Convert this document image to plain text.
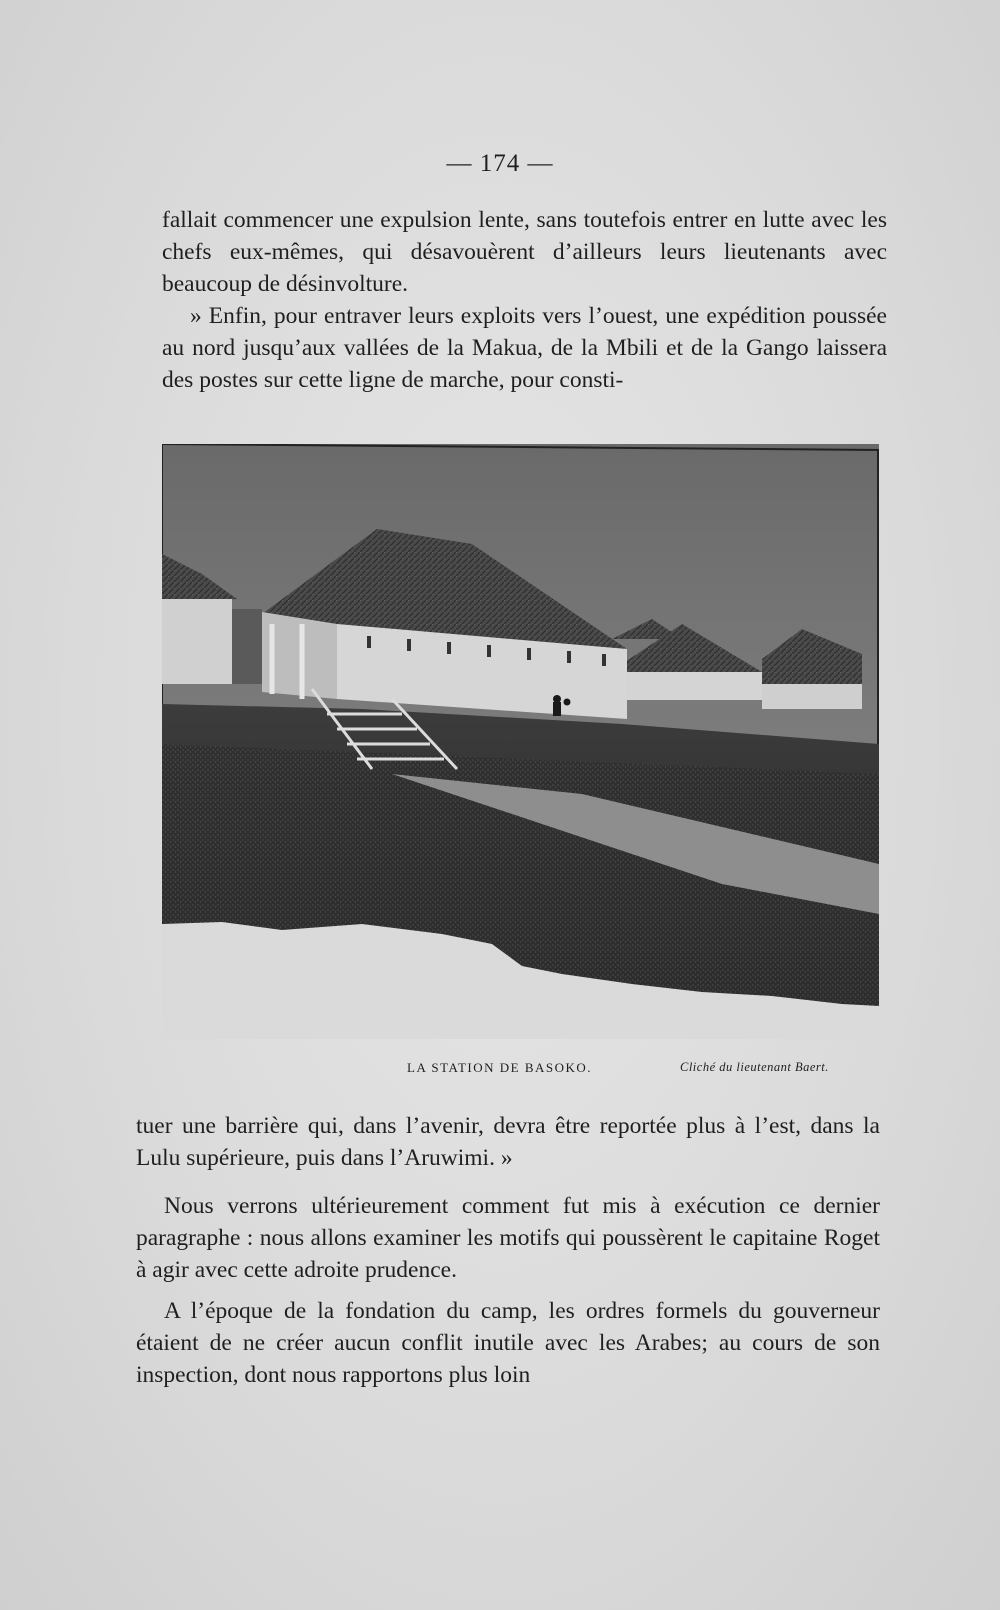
— 174 —

fallait commencer une expulsion lente, sans toutefois entrer en lutte avec les chefs eux-mêmes, qui désavouèrent d’ailleurs leurs lieutenants avec beaucoup de désinvolture.

» Enfin, pour entraver leurs exploits vers l’ouest, une expédition poussée au nord jusqu’aux vallées de la Makua, de la Mbili et de la Gango laissera des postes sur cette ligne de marche, pour consti-

LA STATION DE BASOKO.	Cliché du lieutenant Baert.

tuer une barrière qui, dans l’avenir, devra être reportée plus à l’est, dans la Lulu supérieure, puis dans l’Aruwimi. »

Nous verrons ultérieurement comment fut mis à exécution ce dernier paragraphe : nous allons examiner les motifs qui poussèrent le capitaine Roget à agir avec cette adroite prudence.

A l’époque de la fondation du camp, les ordres formels du gouverneur étaient de ne créer aucun conflit inutile avec les Arabes; au cours de son inspection, dont nous rapportons plus loin
